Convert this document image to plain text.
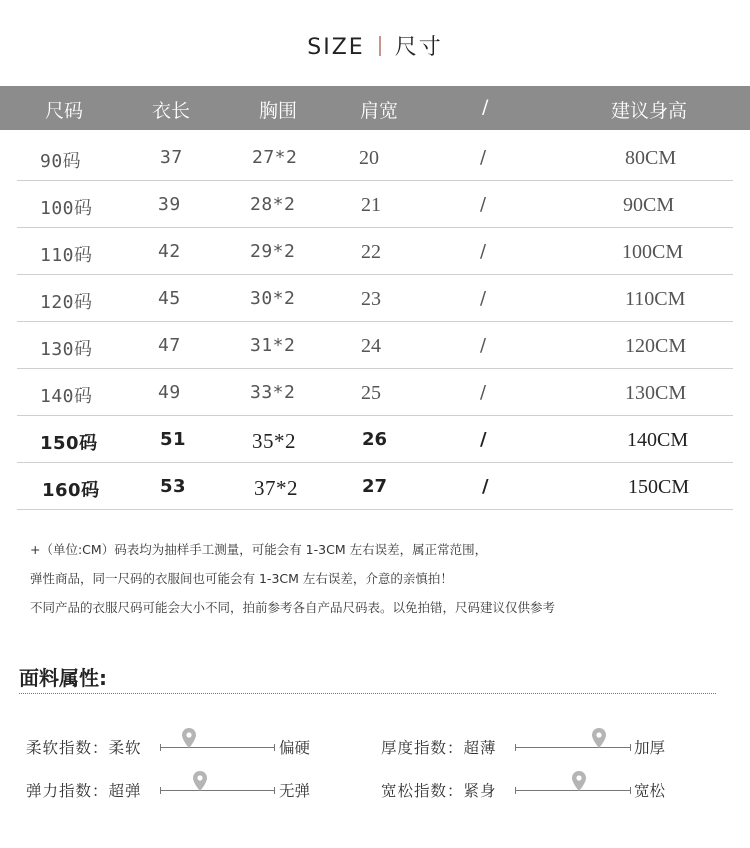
SIZE 尺寸
尺码	衣长	胸围	肩宽	/	建议身高
90码	37	27*2	20	/	80CM
100码	39	28*2	21	/	90CM
110码	42	29*2	22	/	100CM
120码	45	30*2	23	/	110CM
130码	47	31*2	24	/	120CM
140码	49	33*2	25	/	130CM
150码	51	35*2	26	/	140CM
160码	53	37*2	27	/	150CM

+（单位:CM）码表均为抽样手工测量，可能会有 1-3CM 左右误差，属正常范围，

弹性商品，同一尺码的衣服间也可能会有 1-3CM 左右误差，介意的亲慎拍！

不同产品的衣服尺码可能会大小不同，拍前参考各自产品尺码表。以免拍错，尺码建议仅供参考

面料属性:
柔软指数：柔软	偏硬	厚度指数：超薄	加厚
弹力指数：超弹	无弹	宽松指数：紧身	宽松
